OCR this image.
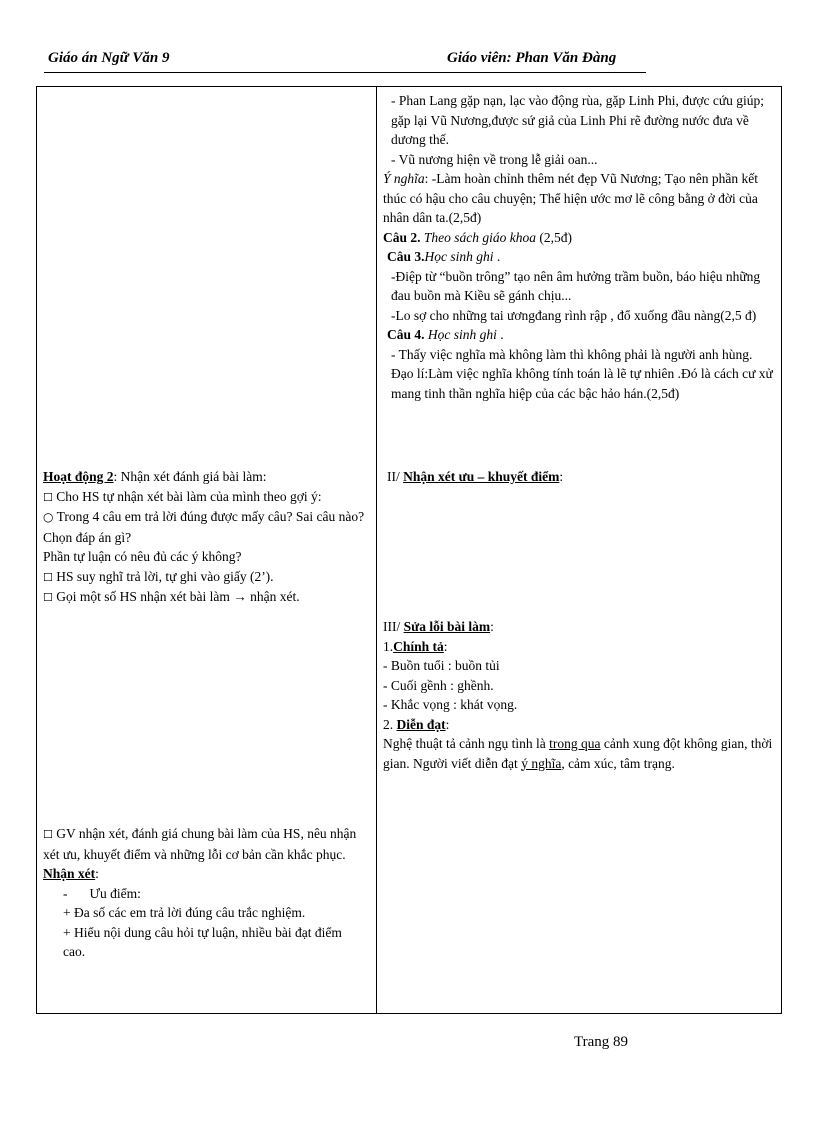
Giáo án Ngữ Văn 9	Giáo viên: Phan Văn Đàng

Hoạt động 2: Nhận xét đánh giá bài làm:

☐ Cho HS tự nhận xét bài làm của mình theo gợi ý:

○ Trong 4 câu em trả lời đúng được mấy câu? Sai câu nào? Chọn đáp án gì?

Phần tự luận có nêu đủ các ý không?

☐ HS suy nghĩ trả lời, tự ghi vào giấy (2’).

☐ Gọi một số HS nhận xét bài làm → nhận xét.

☐ GV nhận xét, đánh giá chung bài làm của HS, nêu nhận xét ưu, khuyết điểm và những lỗi cơ bản cần khắc phục.

Nhận xét:

- Ưu điểm:

+ Đa số các em trả lời đúng câu trắc nghiệm.

+ Hiểu nội dung câu hỏi tự luận, nhiều bài đạt điểm cao.

- Phan Lang gặp nạn, lạc vào động rùa, gặp Linh Phi, được cứu giúp; gặp lại Vũ Nương,được sứ giả của Linh Phi rẽ đường nước đưa về dương thế.

- Vũ nương hiện về trong lễ giải oan...

Ý nghĩa: -Làm hoàn chỉnh thêm nét đẹp Vũ Nương; Tạo nên phần kết thúc có hậu cho câu chuyện; Thể hiện ước mơ lẽ công bằng ở đời của nhân dân ta.(2,5đ)

Câu 2. Theo sách giáo khoa (2,5đ)

Câu 3.Học sinh ghi .

-Điệp từ “buồn trông” tạo nên âm hưởng trầm buồn, báo hiệu những đau buồn mà Kiều sẽ gánh chịu...

-Lo sợ cho những tai ươngđang rình rập , đổ xuống đầu nàng(2,5 đ)

Câu 4. Học sinh ghi .

- Thấy việc nghĩa mà không làm thì không phải là người anh hùng. Đạo lí:Làm việc nghĩa không tính toán là lẽ tự nhiên .Đó là cách cư xử mang tinh thần nghĩa hiệp của các bậc hảo hán.(2,5đ)

II/ Nhận xét ưu – khuyết điểm:

III/ Sửa lỗi bài làm:

1.Chính tả:

- Buồn tuổi : buồn tủi

- Cuối gềnh : ghềnh.

- Khắc vọng : khát vọng.

2. Diễn đạt:

Nghệ thuật tả cảnh ngụ tình là trong qua cảnh xung đột không gian, thời gian. Người viết diễn đạt ý nghĩa, cảm xúc, tâm trạng.

Trang 89
